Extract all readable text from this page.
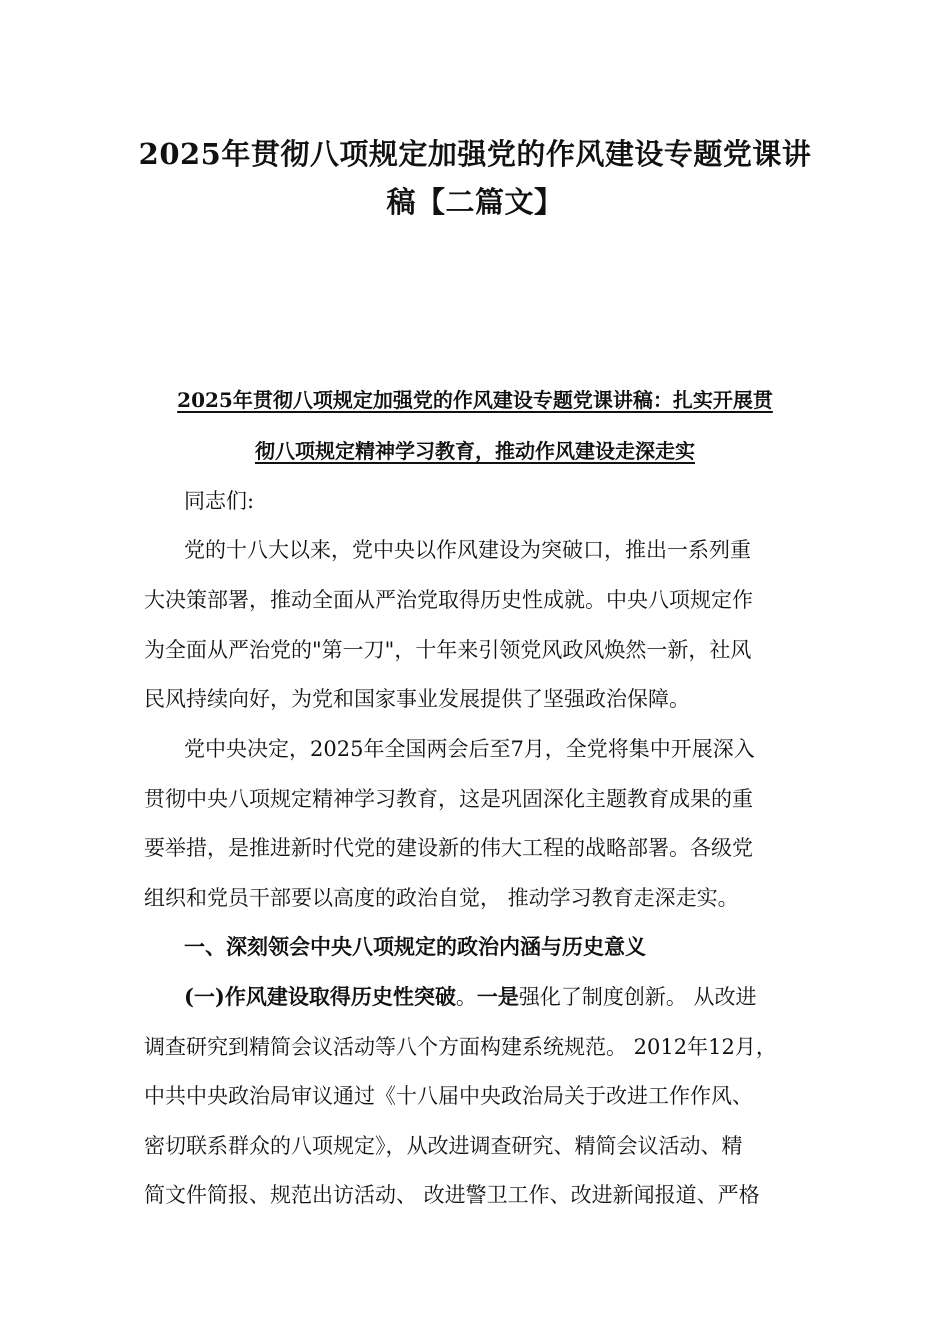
2025年贯彻八项规定加强党的作风建设专题党课讲
稿【二篇文】
2025年贯彻八项规定加强党的作风建设专题党课讲稿：扎实开展贯
彻八项规定精神学习教育，推动作风建设走深走实
同志们:
党的十八大以来，党中央以作风建设为突破口，推出一系列重
大决策部署，推动全面从严治党取得历史性成就。中央八项规定作
为全面从严治党的"第一刀"，十年来引领党风政风焕然一新，社风
民风持续向好，为党和国家事业发展提供了坚强政治保障。
党中央决定，2025年全国两会后至7月，全党将集中开展深入
贯彻中央八项规定精神学习教育，这是巩固深化主题教育成果的重
要举措，是推进新时代党的建设新的伟大工程的战略部署。各级党
组织和党员干部要以高度的政治自觉， 推动学习教育走深走实。
一、深刻领会中央八项规定的政治内涵与历史意义
(一)作风建设取得历史性突破。一是强化了制度创新。 从改进
调查研究到精简会议活动等八个方面构建系统规范。 2012年12月，
中共中央政治局审议通过《十八届中央政治局关于改进工作作风、
密切联系群众的八项规定》，从改进调查研究、精简会议活动、精
简文件简报、规范出访活动、 改进警卫工作、改进新闻报道、严格
